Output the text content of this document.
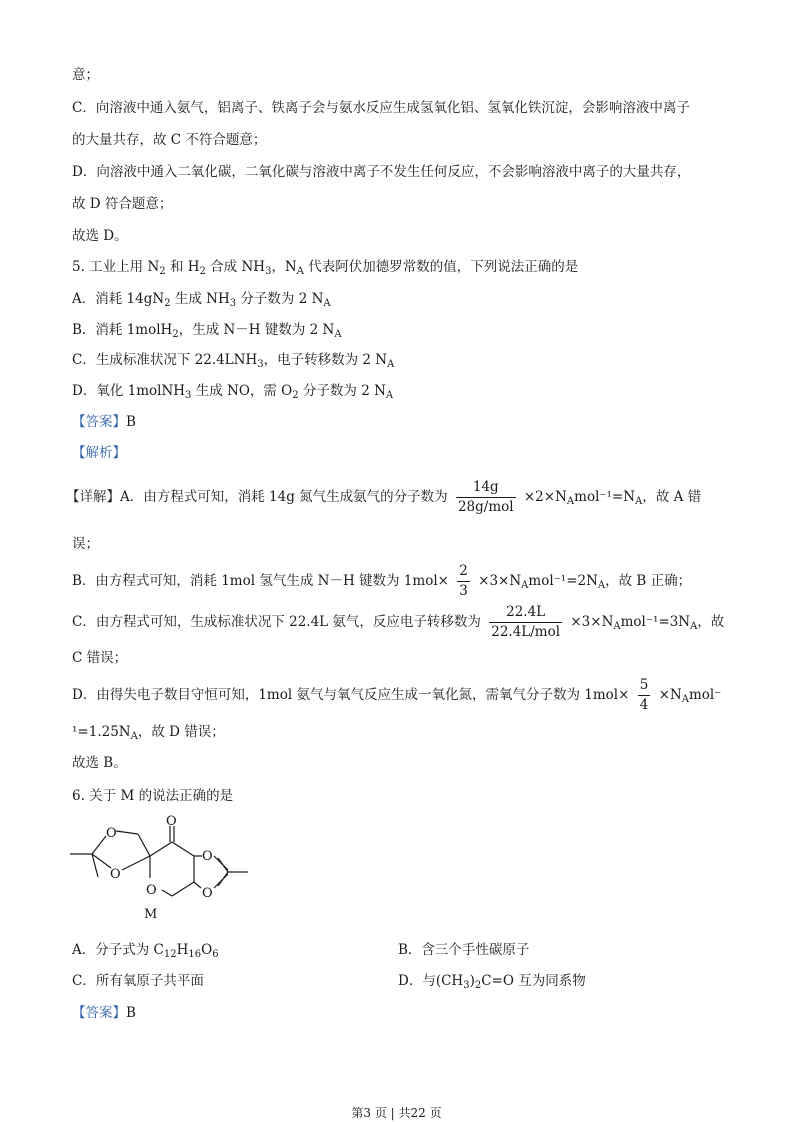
意；
C．向溶液中通入氨气，铝离子、铁离子会与氨水反应生成氢氧化铝、氢氧化铁沉淀，会影响溶液中离子
的大量共存，故 C 不符合题意；
D．向溶液中通入二氧化碳，二氧化碳与溶液中离子不发生任何反应，不会影响溶液中离子的大量共存，
故 D 符合题意；
故选 D。
5. 工业上用 $N_2$ 和 $H_2$ 合成 $NH_3$，$N_A$ 代表阿伏加德罗常数的值，下列说法正确的是
A．消耗 $14gN_2$ 生成 $NH_3$ 分子数为 2 $N_A$
B．消耗 1molH$_2$，生成 N－H 键数为 2 $N_A$
C．生成标准状况下 $22.4LNH_3$，电子转移数为 2 $N_A$
D．氧化 1molNH$_3$ 生成 NO，需 $O_2$ 分子数为 2 $N_A$
【答案】B
【解析】
【详解】A．由方程式可知，消耗 14g 氮气生成氨气的分子数为 $\frac{14g}{\text{28g/mol}} \times 2\times N_Amol^{-1}=N_A$，故 A 错
误；
B．由方程式可知，消耗 1mol 氢气生成 N－H 键数为 $1mol\times \frac{2}{3} \times 3\times N_Amol^{-1}=2N_A$，故 B 正确；
C．由方程式可知，生成标准状况下 22.4L 氨气，反应电子转移数为 $\frac{22.4L}{\text{22.4L/mol}} \times 3\times N_Amol^{-1}=3N_A$，故
C 错误；
D．由得失电子数目守恒可知，1mol 氨气与氧气反应生成一氧化氮，需氧气分子数为 $1mol\times \frac{5}{4} \times N_Amol^-$
$^1=1.25N_A$，故 D 错误；
故选 B。
6. 关于 M 的说法正确的是
O
O
O
O
O
O
M
A．分子式为 $C_{12}H_{16}O_6$	B．含三个手性碳原子
C．所有氧原子共平面	D．与$(CH_3)_2C=O$ 互为同系物
【答案】B
第3 页 | 共22 页
